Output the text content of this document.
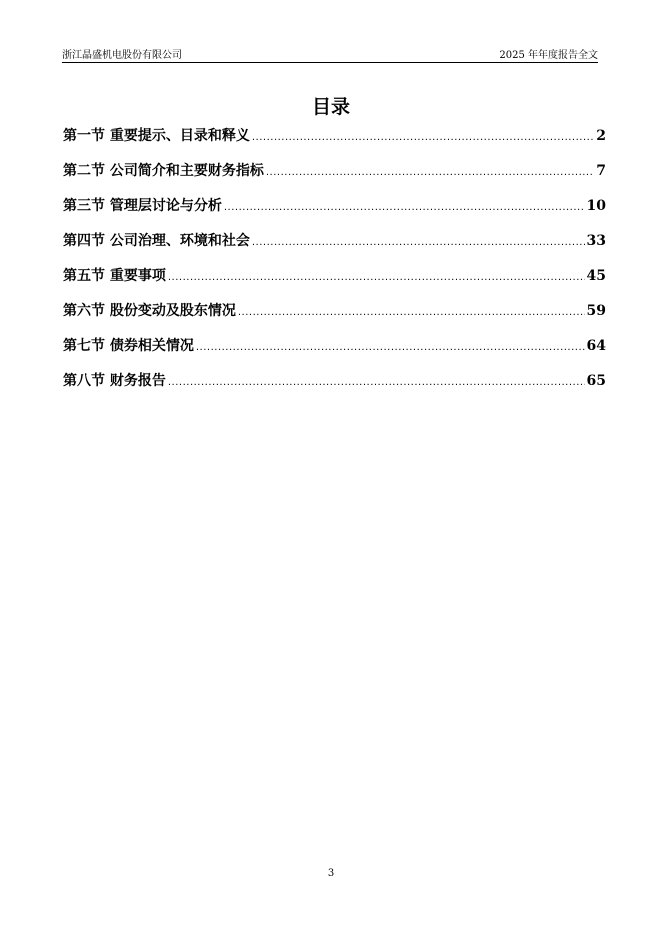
浙江晶盛机电股份有限公司	2025 年年度报告全文
目录
第一节 重要提示、目录和释义 .....	2
第二节 公司简介和主要财务指标 .....	7
第三节 管理层讨论与分析 .....	10
第四节 公司治理、环境和社会 .....	33
第五节 重要事项 .....	45
第六节 股份变动及股东情况 .....	59
第七节 债券相关情况 .....	64
第八节 财务报告 .....	65
3
